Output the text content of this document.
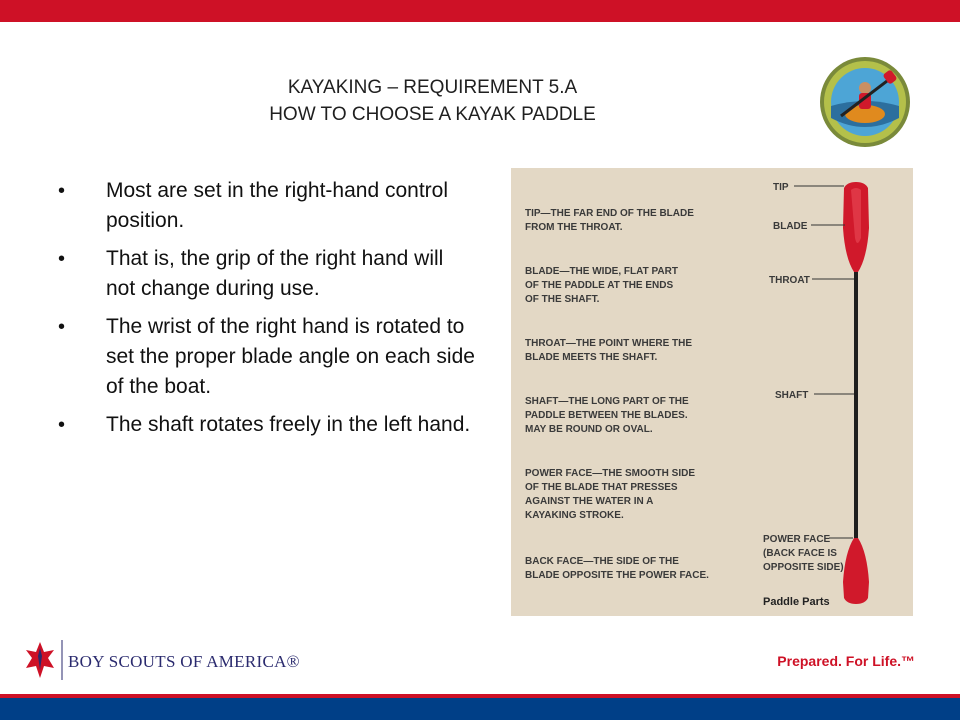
KAYAKING – REQUIREMENT 5.A
HOW TO CHOOSE A KAYAK PADDLE
• Most are set in the right-hand control position.
• That is, the grip of the right hand will not change during use.
• The wrist of the right hand is rotated to set the proper blade angle on each side of the boat.
• The shaft rotates freely in the left hand.
TIP—THE FAR END OF THE BLADE FROM THE THROAT.
BLADE—THE WIDE, FLAT PART OF THE PADDLE AT THE ENDS OF THE SHAFT.
THROAT—THE POINT WHERE THE BLADE MEETS THE SHAFT.
SHAFT—THE LONG PART OF THE PADDLE BETWEEN THE BLADES. MAY BE ROUND OR OVAL.
POWER FACE—THE SMOOTH SIDE OF THE BLADE THAT PRESSES AGAINST THE WATER IN A KAYAKING STROKE.
BACK FACE—THE SIDE OF THE BLADE OPPOSITE THE POWER FACE.
TIP
BLADE
THROAT
SHAFT
POWER FACE (BACK FACE IS OPPOSITE SIDE)
Paddle Parts
BOY SCOUTS OF AMERICA®	Prepared. For Life.™
